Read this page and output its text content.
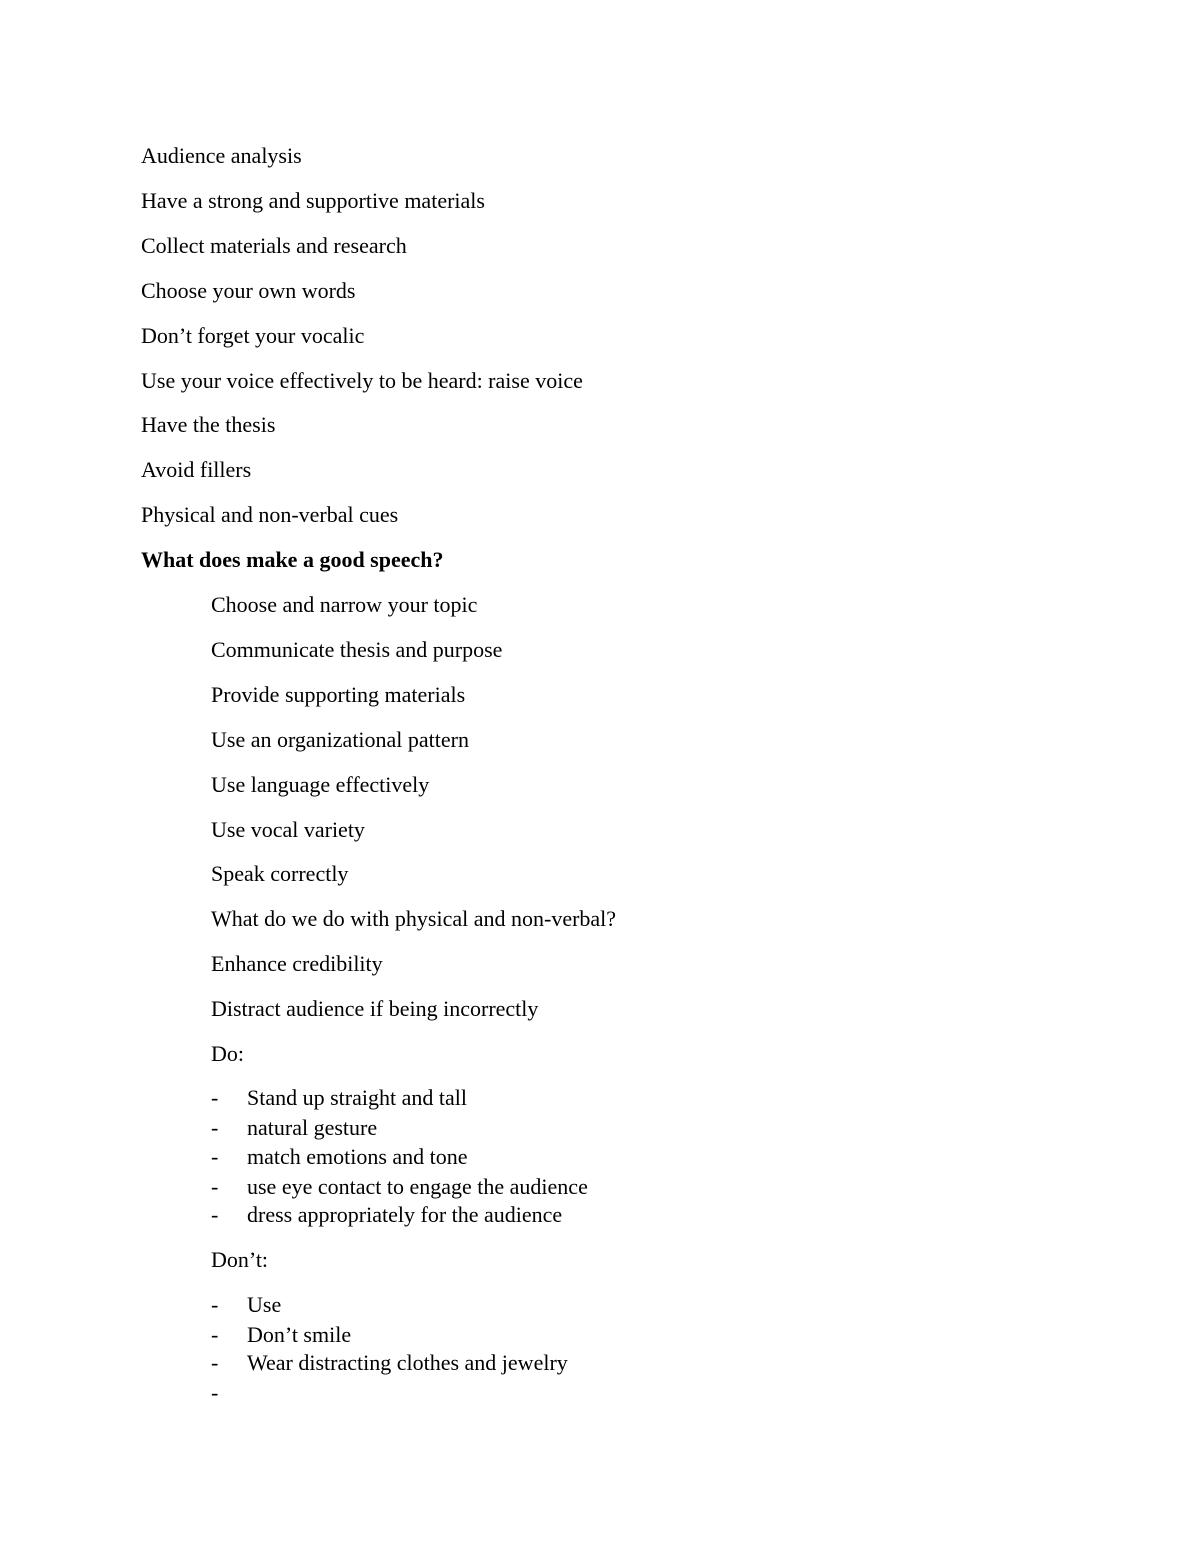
Audience analysis
Have a strong and supportive materials
Collect materials and research
Choose your own words
Don’t forget your vocalic
Use your voice effectively to be heard: raise voice
Have the thesis
Avoid fillers
Physical and non-verbal cues
What does make a good speech?
Choose and narrow your topic
Communicate thesis and purpose
Provide supporting materials
Use an organizational pattern
Use language effectively
Use vocal variety
Speak correctly
What do we do with physical and non-verbal?
Enhance credibility
Distract audience if being incorrectly
Do:
- Stand up straight and tall
- natural gesture
- match emotions and tone
- use eye contact to engage the audience
- dress appropriately for the audience
Don’t:
- Use
- Don’t smile
- Wear distracting clothes and jewelry
-
